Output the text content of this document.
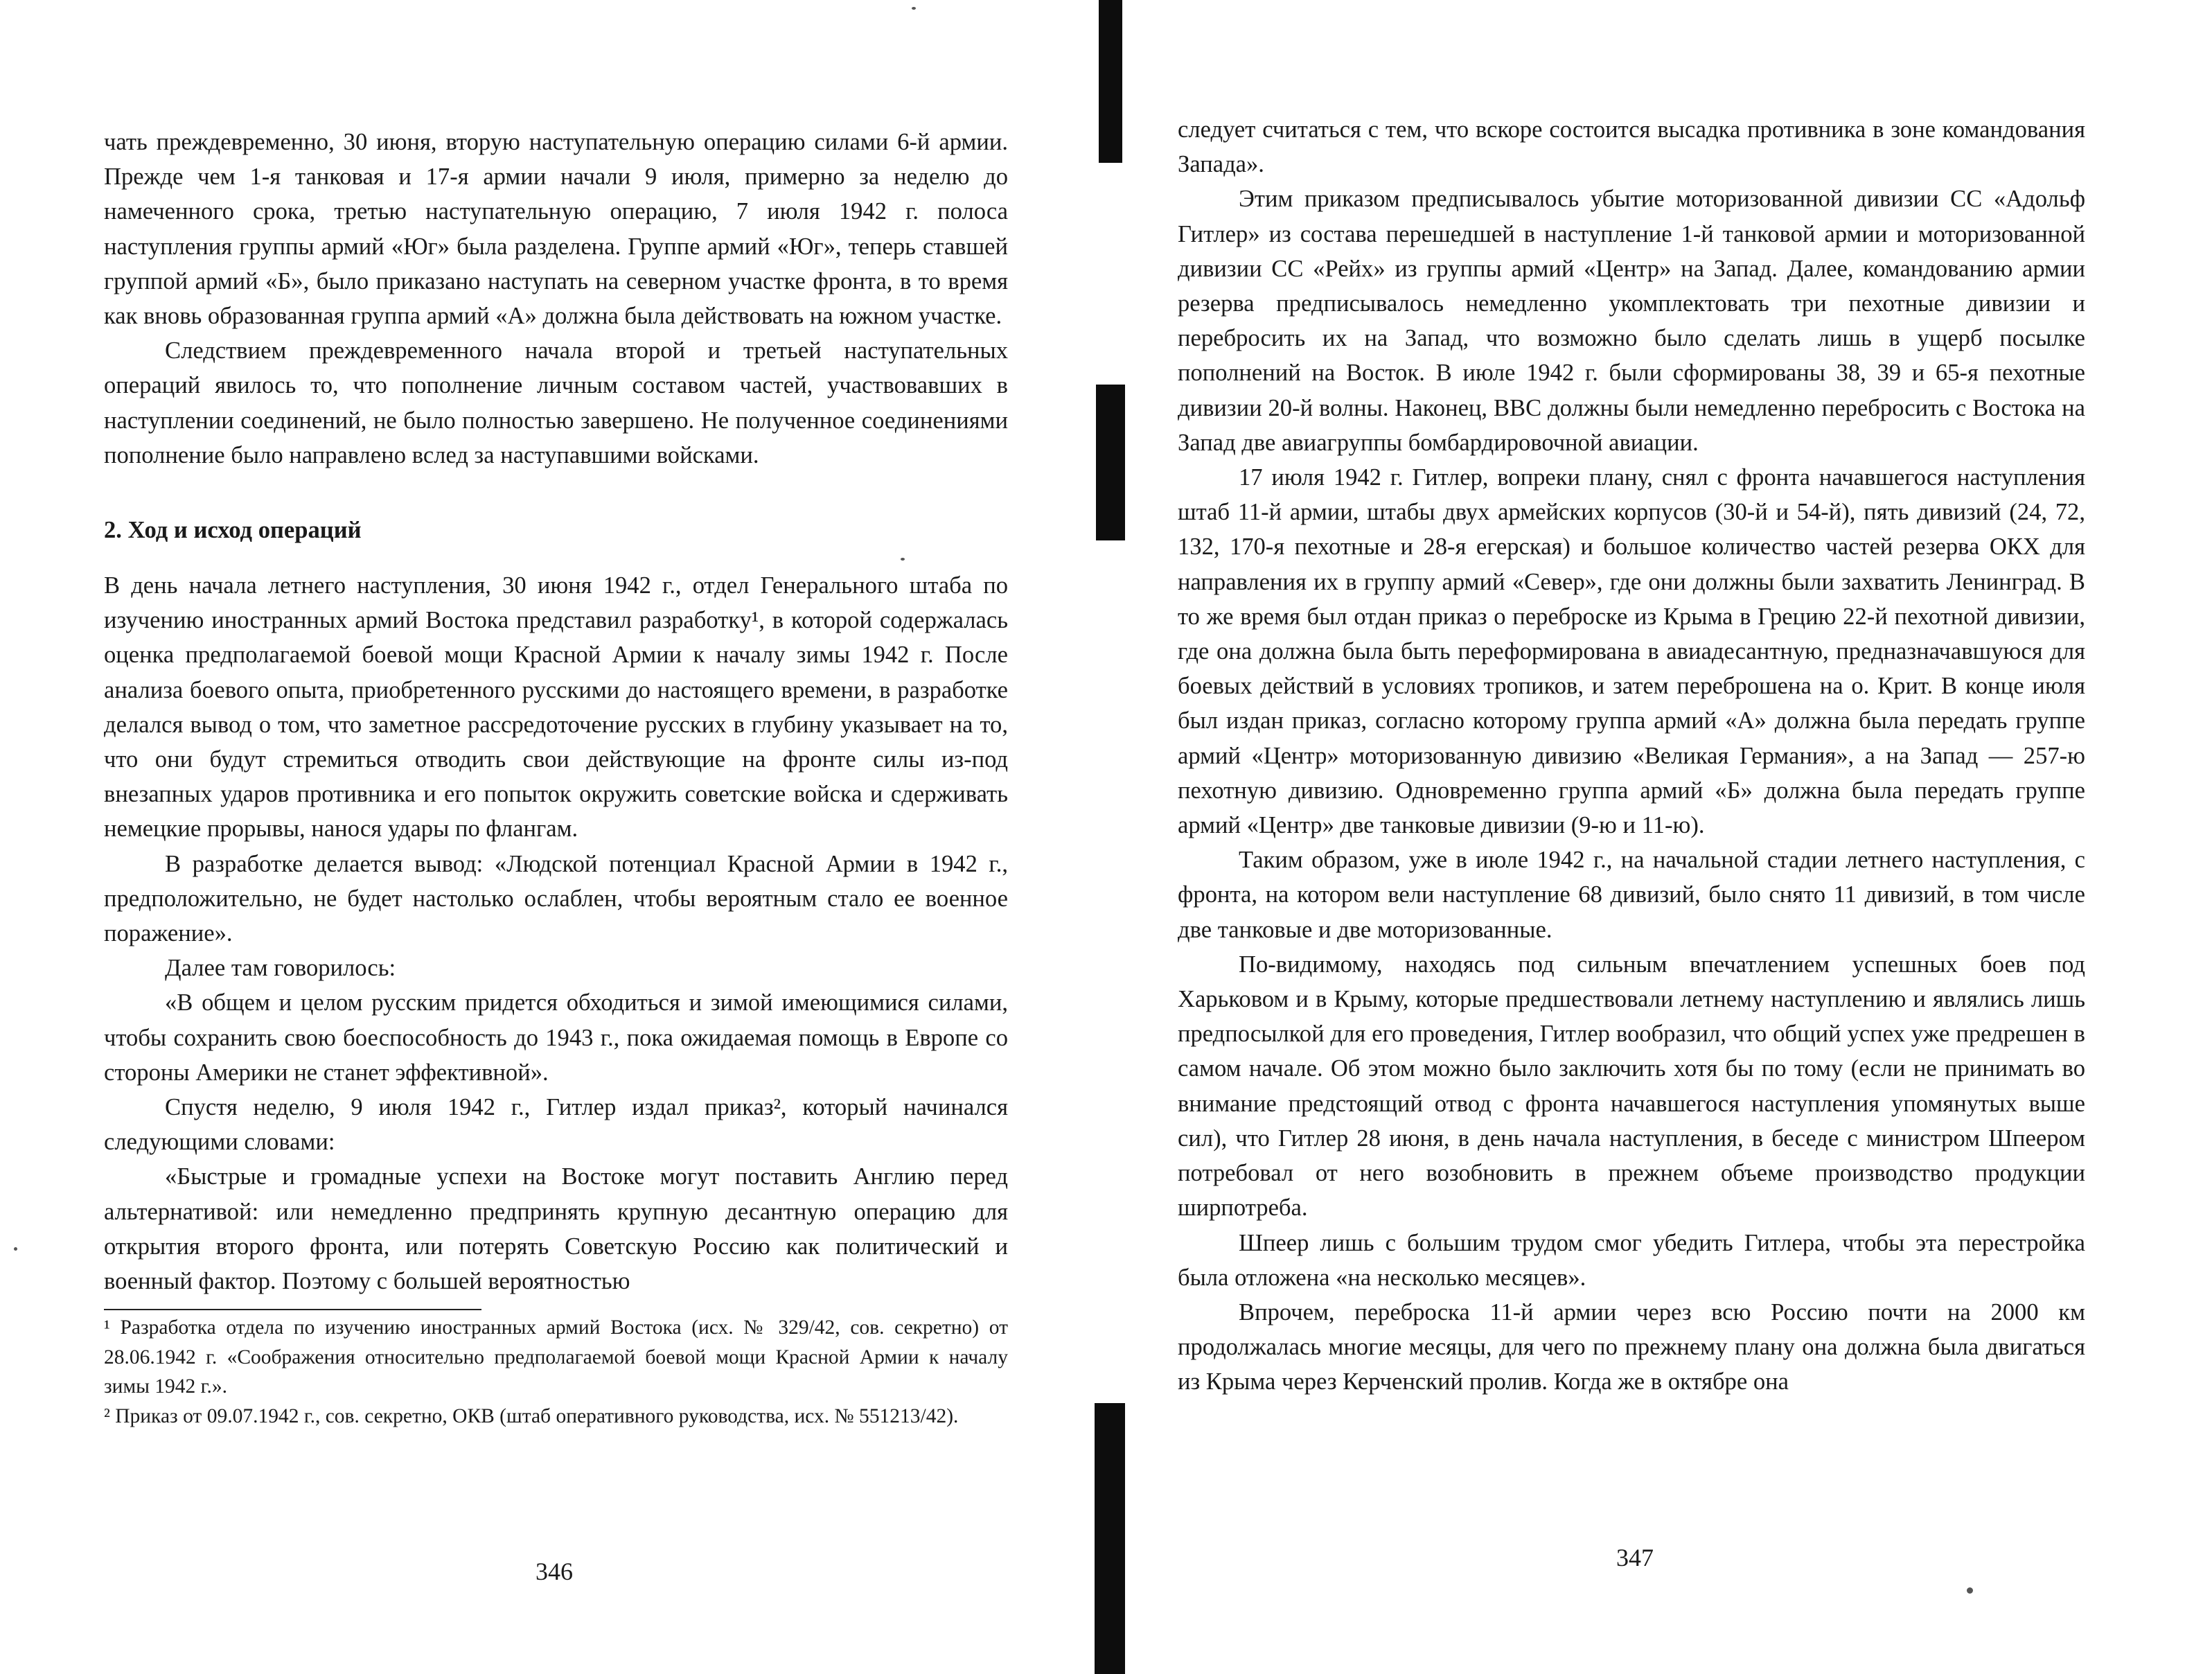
чать преждевременно, 30 июня, вторую наступательную операцию силами 6-й армии. Прежде чем 1-я танковая и 17-я армии начали 9 июля, примерно за неделю до намеченного срока, третью наступательную операцию, 7 июля 1942 г. полоса наступления группы армий «Юг» была разделена. Группе армий «Юг», теперь ставшей группой армий «Б», было приказано наступать на северном участке фронта, в то время как вновь образованная группа армий «А» должна была действовать на южном участке.

Следствием преждевременного начала второй и третьей наступательных операций явилось то, что пополнение личным составом частей, участвовавших в наступлении соединений, не было полностью завершено. Не полученное соединениями пополнение было направлено вслед за наступавшими войсками.

2. Ход и исход операций

В день начала летнего наступления, 30 июня 1942 г., отдел Генерального штаба по изучению иностранных армий Востока представил разработку¹, в которой содержалась оценка предполагаемой боевой мощи Красной Армии к началу зимы 1942 г. После анализа боевого опыта, приобретенного русскими до настоящего времени, в разработке делался вывод о том, что заметное рассредоточение русских в глубину указывает на то, что они будут стремиться отводить свои действующие на фронте силы из-под внезапных ударов противника и его попыток окружить советские войска и сдерживать немецкие прорывы, нанося удары по флангам.

В разработке делается вывод: «Людской потенциал Красной Армии в 1942 г., предположительно, не будет настолько ослаблен, чтобы вероятным стало ее военное поражение».

Далее там говорилось:

«В общем и целом русским придется обходиться и зимой имеющимися силами, чтобы сохранить свою боеспособность до 1943 г., пока ожидаемая помощь в Европе со стороны Америки не станет эффективной».

Спустя неделю, 9 июля 1942 г., Гитлер издал приказ², который начинался следующими словами:

«Быстрые и громадные успехи на Востоке могут поставить Англию перед альтернативой: или немедленно предпринять крупную десантную операцию для открытия второго фронта, или потерять Советскую Россию как политический и военный фактор. Поэтому с большей вероятностью

¹ Разработка отдела по изучению иностранных армий Востока (исх. № 329/42, сов. секретно) от 28.06.1942 г. «Соображения относительно предполагаемой боевой мощи Красной Армии к началу зимы 1942 г.».

² Приказ от 09.07.1942 г., сов. секретно, ОКВ (штаб оперативного руководства, исх. № 551213/42).

346

следует считаться с тем, что вскоре состоится высадка противника в зоне командования Запада».

Этим приказом предписывалось убытие моторизованной дивизии СС «Адольф Гитлер» из состава перешедшей в наступление 1-й танковой армии и моторизованной дивизии СС «Рейх» из группы армий «Центр» на Запад. Далее, командованию армии резерва предписывалось немедленно укомплектовать три пехотные дивизии и перебросить их на Запад, что возможно было сделать лишь в ущерб посылке пополнений на Восток. В июле 1942 г. были сформированы 38, 39 и 65-я пехотные дивизии 20-й волны. Наконец, ВВС должны были немедленно перебросить с Востока на Запад две авиагруппы бомбардировочной авиации.

17 июля 1942 г. Гитлер, вопреки плану, снял с фронта начавшегося наступления штаб 11-й армии, штабы двух армейских корпусов (30-й и 54-й), пять дивизий (24, 72, 132, 170-я пехотные и 28-я егерская) и большое количество частей резерва ОКХ для направления их в группу армий «Север», где они должны были захватить Ленинград. В то же время был отдан приказ о переброске из Крыма в Грецию 22-й пехотной дивизии, где она должна была быть переформирована в авиадесантную, предназначавшуюся для боевых действий в условиях тропиков, и затем переброшена на о. Крит. В конце июля был издан приказ, согласно которому группа армий «А» должна была передать группе армий «Центр» моторизованную дивизию «Великая Германия», а на Запад — 257-ю пехотную дивизию. Одновременно группа армий «Б» должна была передать группе армий «Центр» две танковые дивизии (9-ю и 11-ю).

Таким образом, уже в июле 1942 г., на начальной стадии летнего наступления, с фронта, на котором вели наступление 68 дивизий, было снято 11 дивизий, в том числе две танковые и две моторизованные.

По-видимому, находясь под сильным впечатлением успешных боев под Харьковом и в Крыму, которые предшествовали летнему наступлению и являлись лишь предпосылкой для его проведения, Гитлер вообразил, что общий успех уже предрешен в самом начале. Об этом можно было заключить хотя бы по тому (если не принимать во внимание предстоящий отвод с фронта начавшегося наступления упомянутых выше сил), что Гитлер 28 июня, в день начала наступления, в беседе с министром Шпеером потребовал от него возобновить в прежнем объеме производство продукции ширпотреба.

Шпеер лишь с большим трудом смог убедить Гитлера, чтобы эта перестройка была отложена «на несколько месяцев».

Впрочем, переброска 11-й армии через всю Россию почти на 2000 км продолжалась многие месяцы, для чего по прежнему плану она должна была двигаться из Крыма через Керченский пролив. Когда же в октябре она

347
